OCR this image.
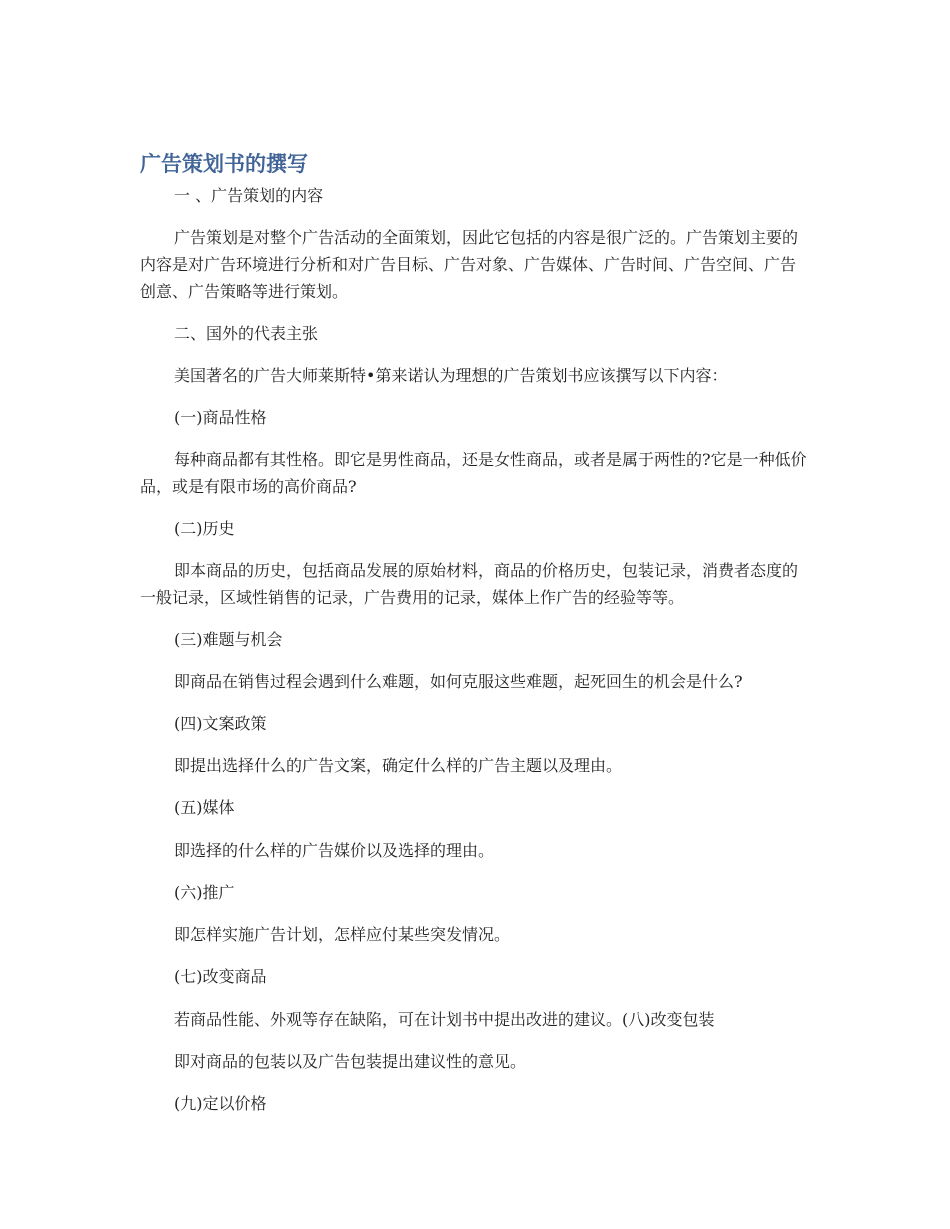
广告策划书的撰写

一 、广告策划的内容

广告策划是对整个广告活动的全面策划，因此它包括的内容是很广泛的。广告策划主要的内容是对广告环境进行分析和对广告目标、广告对象、广告媒体、广告时间、广告空间、广告创意、广告策略等进行策划。

二、国外的代表主张

美国著名的广告大师莱斯特•第来诺认为理想的广告策划书应该撰写以下内容：

(一)商品性格

每种商品都有其性格。即它是男性商品，还是女性商品，或者是属于两性的?它是一种低价品，或是有限市场的高价商品?

(二)历史

即本商品的历史，包括商品发展的原始材料，商品的价格历史，包装记录，消费者态度的一般记录，区域性销售的记录，广告费用的记录，媒体上作广告的经验等等。

(三)难题与机会

即商品在销售过程会遇到什么难题，如何克服这些难题，起死回生的机会是什么?

(四)文案政策

即提出选择什么的广告文案，确定什么样的广告主题以及理由。

(五)媒体

即选择的什么样的广告媒价以及选择的理由。

(六)推广

即怎样实施广告计划，怎样应付某些突发情况。

(七)改变商品

若商品性能、外观等存在缺陷，可在计划书中提出改进的建议。(八)改变包装

即对商品的包装以及广告包装提出建议性的意见。

(九)定以价格
